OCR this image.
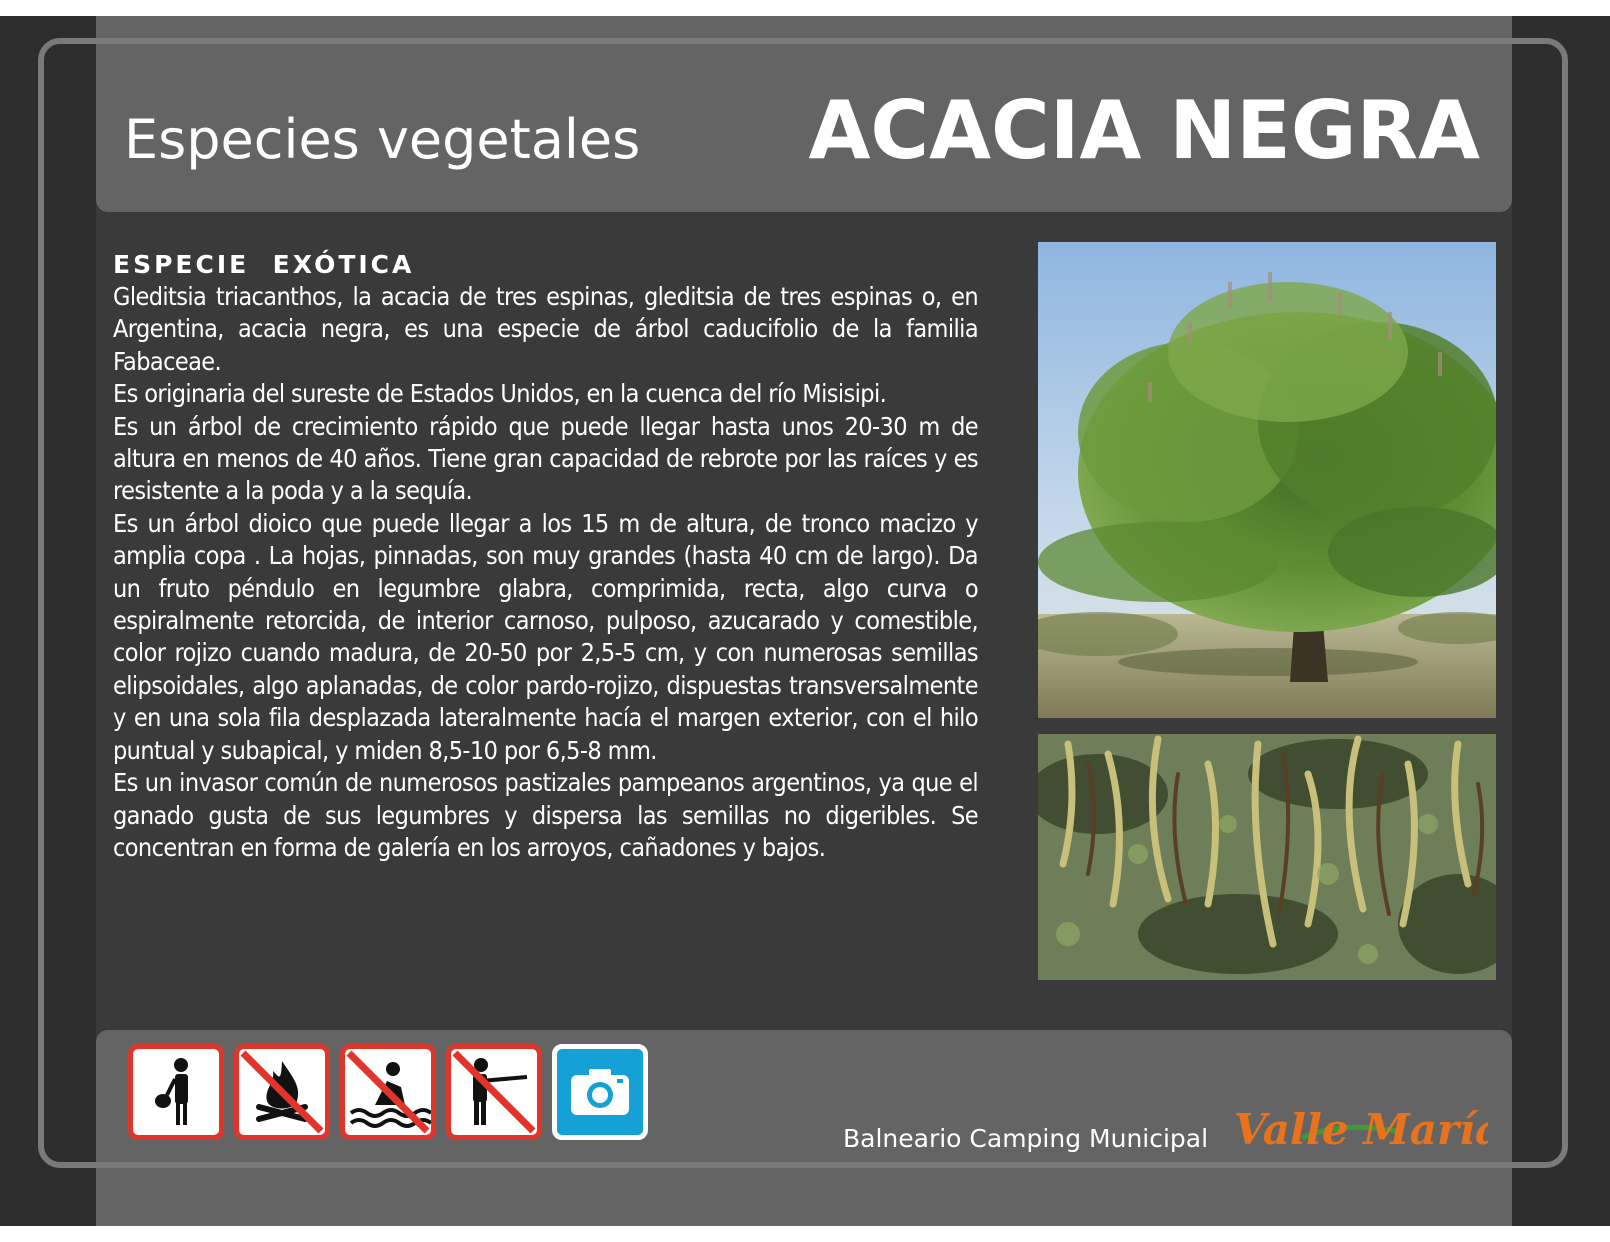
Especies vegetales ACACIA NEGRA
ESPECIE  EXÓTICA

Gleditsia triacanthos, la acacia de tres espinas, gleditsia de tres espinas o, en Argentina, acacia negra, es una especie de árbol caducifolio de la familia Fabaceae.

Es originaria del sureste de Estados Unidos, en la cuenca del río Misisipi.

Es un árbol de crecimiento rápido que puede llegar hasta unos 20-30 m de altura en menos de 40 años. Tiene gran capacidad de rebrote por las raíces y es resistente a la poda y a la sequía.

Es un árbol dioico que puede llegar a los 15 m de altura, de tronco macizo y amplia copa . La hojas, pinnadas, son muy grandes (hasta 40 cm de largo). Da un fruto péndulo en legumbre glabra, comprimida, recta, algo curva o espiralmente retorcida, de interior carnoso, pulposo, azucarado y comestible, color rojizo cuando madura, de 20-50 por 2,5-5 cm, y con numerosas semillas elipsoidales, algo aplanadas, de color pardo-rojizo, dispuestas transversalmente y en una sola fila desplazada lateralmente hacía el margen exterior, con el hilo puntual y subapical, y miden 8,5-10 por 6,5-8 mm.

Es un invasor común de numerosos pastizales pampeanos argentinos, ya que el ganado gusta de sus legumbres y dispersa las semillas no digeribles. Se concentran en forma de galería en los arroyos, cañadones y bajos.

Balneario Camping Municipal Valle María
